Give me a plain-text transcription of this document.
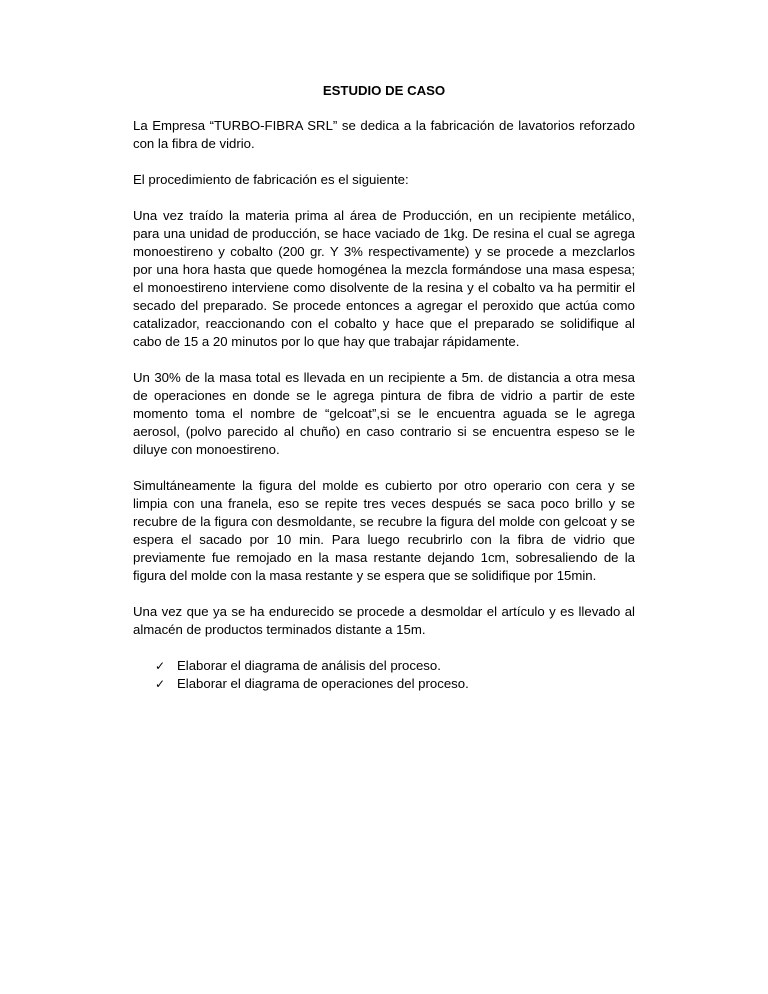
ESTUDIO DE CASO

La Empresa “TURBO-FIBRA SRL” se dedica a la fabricación de lavatorios reforzado con la fibra de vidrio.

El procedimiento de fabricación es el siguiente:

Una vez traído la materia prima al área de Producción, en un recipiente metálico, para una unidad de producción, se hace vaciado de 1kg. De resina el cual se agrega monoestireno y cobalto (200 gr. Y 3% respectivamente) y se procede a mezclarlos por una hora hasta que quede homogénea la mezcla formándose una masa espesa; el monoestireno interviene como disolvente de la resina y el cobalto va ha permitir el secado del preparado. Se procede entonces a agregar el peroxido que actúa como catalizador, reaccionando con el cobalto y hace que el preparado se solidifique al cabo de 15 a 20 minutos por lo que hay que trabajar rápidamente.

Un 30% de la masa total es llevada en un recipiente a 5m. de distancia a otra mesa de operaciones en donde se le agrega pintura de fibra de vidrio a partir de este momento toma el nombre de “gelcoat”,si se le encuentra aguada se le agrega aerosol, (polvo parecido al chuño) en caso contrario si se encuentra espeso se le diluye con monoestireno.

Simultáneamente la figura del molde es cubierto por otro operario con cera y se limpia con una franela, eso se repite tres veces después se saca poco brillo y se recubre de la figura con desmoldante, se recubre la figura del molde con gelcoat y se espera el sacado por 10 min. Para luego recubrirlo con la fibra de vidrio que previamente fue remojado en la masa restante dejando 1cm, sobresaliendo de la figura del molde con la masa restante y se espera que se solidifique por 15min.

Una vez que ya se ha endurecido se procede a desmoldar el artículo y es llevado al almacén de productos terminados distante a 15m.

✓ Elaborar el diagrama de análisis del proceso.
✓ Elaborar el diagrama de operaciones del proceso.
